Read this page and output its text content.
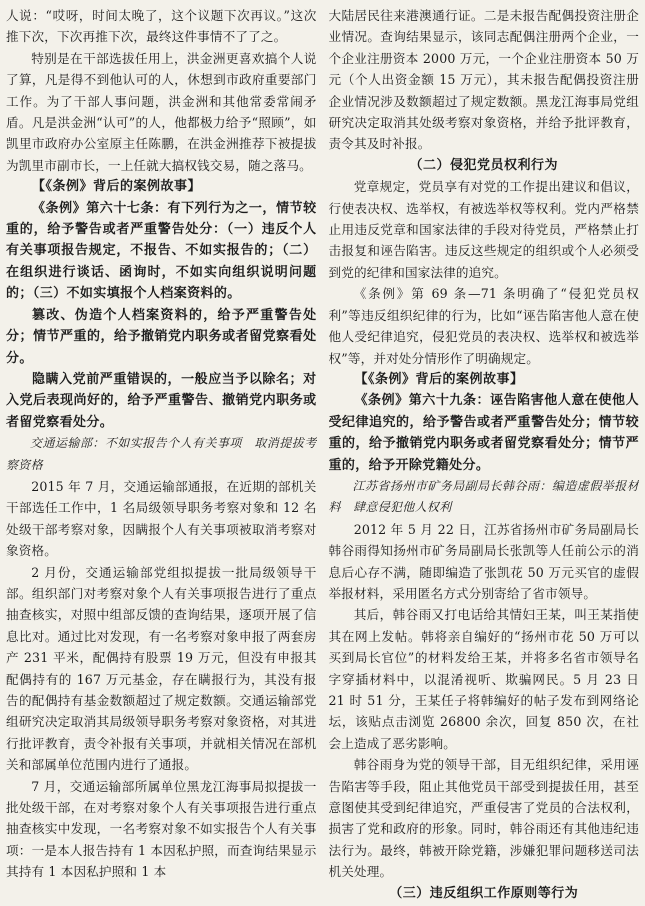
人说：“哎呀，时间太晚了，这个议题下次再议。”这次推下次，下次再推下次，最终这件事情不了了之。

特别是在干部选拔任用上，洪金洲更喜欢搞个人说了算，凡是得不到他认可的人，休想到市政府重要部门工作。为了干部人事问题，洪金洲和其他常委常闹矛盾。凡是洪金洲“认可”的人，他都极力给予“照顾”，如凯里市政府办公室原主任陈鹏，在洪金洲推荐下被提拔为凯里市副市长，一上任就大搞权钱交易，随之落马。

【《条例》背后的案例故事】

《条例》第六十七条：有下列行为之一，情节较重的，给予警告或者严重警告处分：（一）违反个人有关事项报告规定，不报告、不如实报告的；（二）在组织进行谈话、函询时，不如实向组织说明问题的；（三）不如实填报个人档案资料的。

篡改、伪造个人档案资料的，给予严重警告处分；情节严重的，给予撤销党内职务或者留党察看处分。

隐瞒入党前严重错误的，一般应当予以除名；对入党后表现尚好的，给予严重警告、撤销党内职务或者留党察看处分。

交通运输部：不如实报告个人有关事项　取消提拔考察资格

2015 年 7 月，交通运输部通报，在近期的部机关干部选任工作中，1 名局级领导职务考察对象和 12 名处级干部考察对象，因瞒报个人有关事项被取消考察对象资格。

2 月份，交通运输部党组拟提拔一批局级领导干部。组织部门对考察对象个人有关事项报告进行了重点抽查核实，对照中组部反馈的查询结果，逐项开展了信息比对。通过比对发现，有一名考察对象申报了两套房产 231 平米，配偶持有股票 19 万元，但没有申报其配偶持有的 167 万元基金，存在瞒报行为，其没有报告的配偶持有基金数额超过了规定数额。交通运输部党组研究决定取消其局级领导职务考察对象资格，对其进行批评教育，责令补报有关事项，并就相关情况在部机关和部属单位范围内进行了通报。

7 月，交通运输部所属单位黑龙江海事局拟提拔一批处级干部，在对考察对象个人有关事项报告进行重点抽查核实中发现，一名考察对象不如实报告个人有关事项：一是本人报告持有 1 本因私护照，而查询结果显示其持有 1 本因私护照和 1 本

大陆居民往来港澳通行证。二是未报告配偶投资注册企业情况。查询结果显示，该同志配偶注册两个企业，一个企业注册资本 2000 万元，一个企业注册资本 50 万元（个人出资金额 15 万元），其未报告配偶投资注册企业情况涉及数额超过了规定数额。黑龙江海事局党组研究决定取消其处级考察对象资格，并给予批评教育，责令其及时补报。

（二）侵犯党员权利行为

党章规定，党员享有对党的工作提出建议和倡议，行使表决权、选举权，有被选举权等权利。党内严格禁止用违反党章和国家法律的手段对待党员，严格禁止打击报复和诬告陷害。违反这些规定的组织或个人必须受到党的纪律和国家法律的追究。

《条例》第 69 条—71 条明确了“侵犯党员权利”等违反组织纪律的行为，比如“诬告陷害他人意在使他人受纪律追究，侵犯党员的表决权、选举权和被选举权”等，并对处分情形作了明确规定。

【《条例》背后的案例故事】

《条例》第六十九条：诬告陷害他人意在使他人受纪律追究的，给予警告或者严重警告处分；情节较重的，给予撤销党内职务或者留党察看处分；情节严重的，给予开除党籍处分。

江苏省扬州市矿务局副局长韩谷雨：编造虚假举报材料　肆意侵犯他人权利

2012 年 5 月 22 日，江苏省扬州市矿务局副局长韩谷雨得知扬州市矿务局副局长张凯等人任前公示的消息后心存不满，随即编造了张凯花 50 万元买官的虚假举报材料，采用匿名方式分别寄给了省市领导。

其后，韩谷雨又打电话给其情妇王某，叫王某指使其在网上发帖。韩将亲自编好的“扬州市花 50 万可以买到局长官位”的材料发给王某，并将多名省市领导名字穿插材料中，以混淆视听、欺骗网民。5 月 23 日 21 时 51 分，王某任子将韩编好的帖子发布到网络论坛，该贴点击浏览 26800 余次，回复 850 次，在社会上造成了恶劣影响。

韩谷雨身为党的领导干部，目无组织纪律，采用诬告陷害等手段，阻止其他党员干部受到提拔任用，甚至意图使其受到纪律追究，严重侵害了党员的合法权利，损害了党和政府的形象。同时，韩谷雨还有其他违纪违法行为。最终，韩被开除党籍，涉嫌犯罪问题移送司法机关处理。

（三）违反组织工作原则等行为
